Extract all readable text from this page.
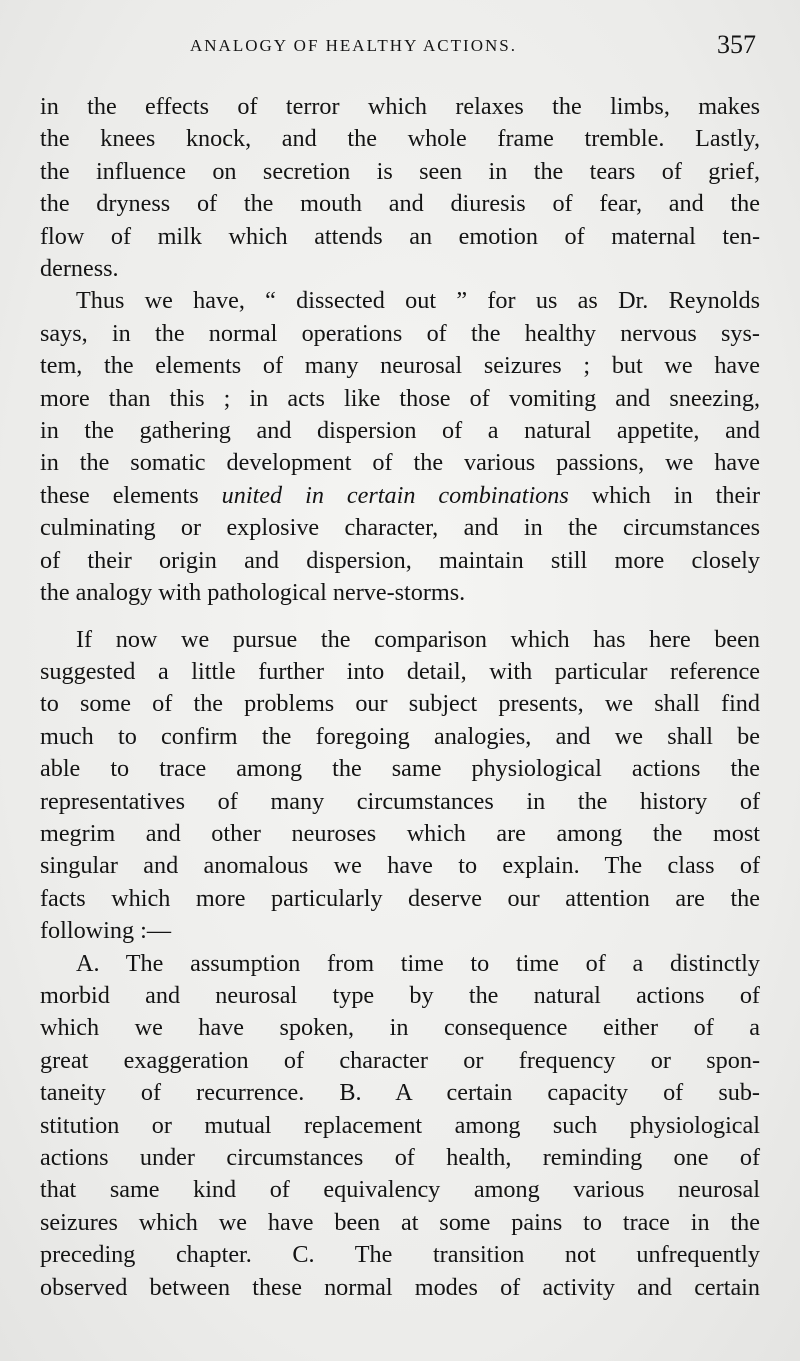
ANALOGY OF HEALTHY ACTIONS.	357

in the effects of terror which relaxes the limbs, makes
the knees knock, and the whole frame tremble. Lastly,
the influence on secretion is seen in the tears of grief,
the dryness of the mouth and diuresis of fear, and the
flow of milk which attends an emotion of maternal ten-
derness.

Thus we have, “ dissected out ” for us as Dr. Reynolds
says, in the normal operations of the healthy nervous sys-
tem, the elements of many neurosal seizures ; but we have
more than this ; in acts like those of vomiting and sneezing,
in the gathering and dispersion of a natural appetite, and
in the somatic development of the various passions, we have
these elements united in certain combinations which in their
culminating or explosive character, and in the circumstances
of their origin and dispersion, maintain still more closely
the analogy with pathological nerve-storms.

If now we pursue the comparison which has here been
suggested a little further into detail, with particular reference
to some of the problems our subject presents, we shall find
much to confirm the foregoing analogies, and we shall be
able to trace among the same physiological actions the
representatives of many circumstances in the history of
megrim and other neuroses which are among the most
singular and anomalous we have to explain. The class of
facts which more particularly deserve our attention are the
following :—

A. The assumption from time to time of a distinctly
morbid and neurosal type by the natural actions of
which we have spoken, in consequence either of a
great exaggeration of character or frequency or spon-
taneity of recurrence. B. A certain capacity of sub-
stitution or mutual replacement among such physiological
actions under circumstances of health, reminding one of
that same kind of equivalency among various neurosal
seizures which we have been at some pains to trace in the
preceding chapter. C. The transition not unfrequently
observed between these normal modes of activity and certain
